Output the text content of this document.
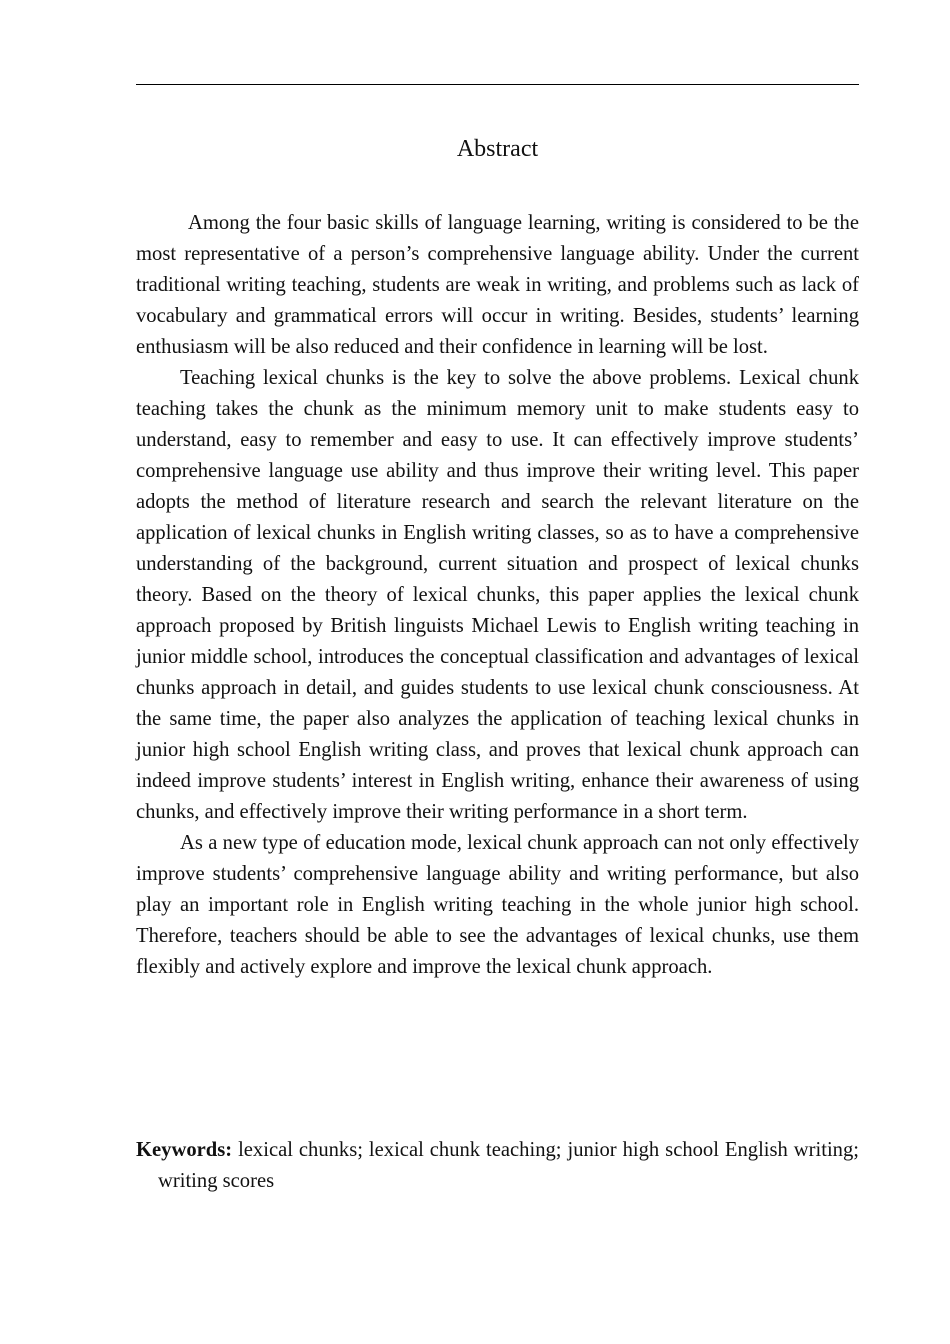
Abstract

Among the four basic skills of language learning, writing is considered to be the most representative of a person’s comprehensive language ability. Under the current traditional writing teaching, students are weak in writing, and problems such as lack of vocabulary and grammatical errors will occur in writing. Besides, students’ learning enthusiasm will be also reduced and their confidence in learning will be lost.

Teaching lexical chunks is the key to solve the above problems. Lexical chunk teaching takes the chunk as the minimum memory unit to make students easy to understand, easy to remember and easy to use. It can effectively improve students’ comprehensive language use ability and thus improve their writing level. This paper adopts the method of literature research and search the relevant literature on the application of lexical chunks in English writing classes, so as to have a comprehensive understanding of the background, current situation and prospect of lexical chunks theory. Based on the theory of lexical chunks, this paper applies the lexical chunk approach proposed by British linguists Michael Lewis to English writing teaching in junior middle school, introduces the conceptual classification and advantages of lexical chunks approach in detail, and guides students to use lexical chunk consciousness. At the same time, the paper also analyzes the application of teaching lexical chunks in junior high school English writing class, and proves that lexical chunk approach can indeed improve students’ interest in English writing, enhance their awareness of using chunks, and effectively improve their writing performance in a short term.

As a new type of education mode, lexical chunk approach can not only effectively improve students’ comprehensive language ability and writing performance, but also play an important role in English writing teaching in the whole junior high school. Therefore, teachers should be able to see the advantages of lexical chunks, use them flexibly and actively explore and improve the lexical chunk approach.

Keywords: lexical chunks; lexical chunk teaching; junior high school English writing; writing scores
